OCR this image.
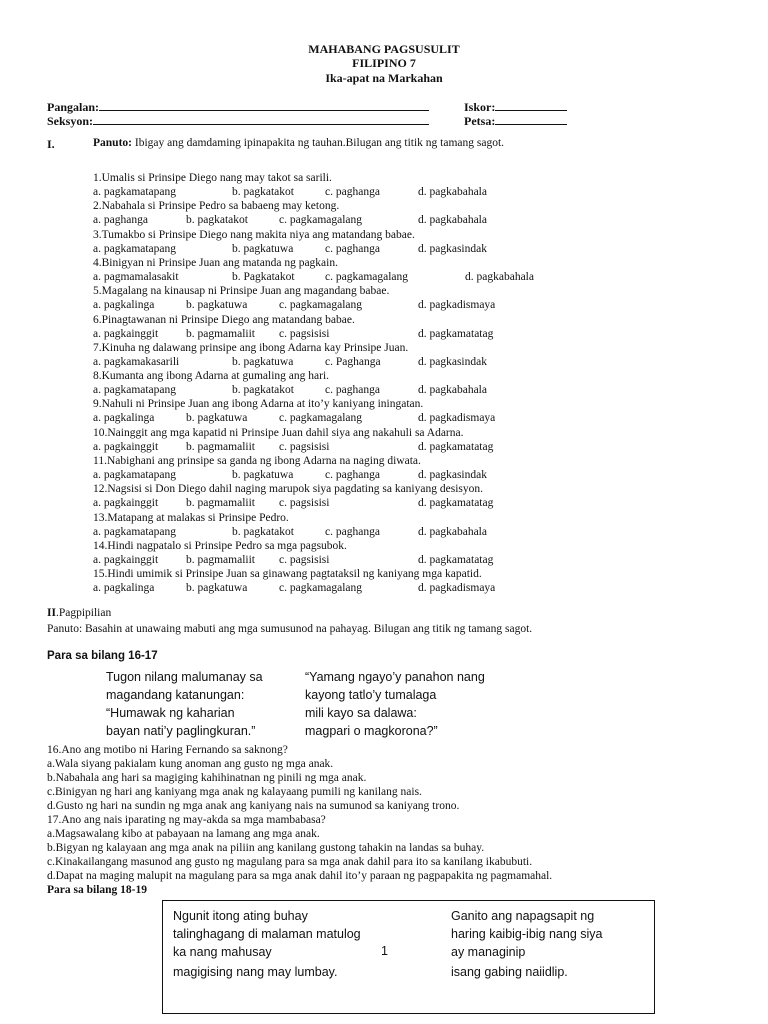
MAHABANG PAGSUSULIT
FILIPINO 7
Ika-apat na Markahan
Pangalan:
Seksyon:
Iskor:
Petsa:
I.	Panuto: Ibigay ang damdaming ipinapakita ng tauhan.Bilugan ang titik ng tamang sagot.
1.Umalis si Prinsipe Diego nang may takot sa sarili.
a. pagkamatapang	b. pagkatakot	c. paghanga	d. pagkabahala
2.Nabahala si Prinsipe Pedro sa babaeng may ketong.
a. paghanga	b. pagkatakot	c. pagkamagalang	d. pagkabahala
3.Tumakbo si Prinsipe Diego nang makita niya ang matandang babae.
a. pagkamatapang	b. pagkatuwa	c. paghanga	d. pagkasindak
4.Binigyan ni Prinsipe Juan ang matanda ng pagkain.
a. pagmamalasakit	b. Pagkatakot	c. pagkamagalang	d. pagkabahala
5.Magalang na kinausap ni Prinsipe Juan ang magandang babae.
a. pagkalinga	b. pagkatuwa	c. pagkamagalang	d. pagkadismaya
6.Pinagtawanan ni Prinsipe Diego ang matandang babae.
a. pagkainggit b. pagmamaliit c. pagsisisi	d. pagkamatatag
7.Kinuha ng dalawang prinsipe ang ibong Adarna kay Prinsipe Juan.
a. pagkamakasarili	b. pagkatuwa	c. Paghanga	d. pagkasindak
8.Kumanta ang ibong Adarna at gumaling ang hari.
a. pagkamatapang	b. pagkatakot	c. paghanga	d. pagkabahala
9.Nahuli ni Prinsipe Juan ang ibong Adarna at ito’y kaniyang iningatan.
a. pagkalinga	b. pagkatuwa	c. pagkamagalang	d. pagkadismaya
10.Nainggit ang mga kapatid ni Prinsipe Juan dahil siya ang nakahuli sa Adarna.
a. pagkainggit b. pagmamaliit c. pagsisisi	d. pagkamatatag
11.Nabighani ang prinsipe sa ganda ng ibong Adarna na naging diwata.
a. pagkamatapang	b. pagkatuwa	c. paghanga	d. pagkasindak
12.Nagsisi si Don Diego dahil naging marupok siya pagdating sa kaniyang desisyon.
a. pagkainggit b. pagmamaliit c. pagsisisi	d. pagkamatatag
13.Matapang at malakas si Prinsipe Pedro.
a. pagkamatapang	b. pagkatakot	c. paghanga	d. pagkabahala
14.Hindi nagpatalo si Prinsipe Pedro sa mga pagsubok.
a. pagkainggit b. pagmamaliit c. pagsisisi	d. pagkamatatag
15.Hindi umimik si Prinsipe Juan sa ginawang pagtataksil ng kaniyang mga kapatid.
a. pagkalinga	b. pagkatuwa	c. pagkamagalang	d. pagkadismaya
II.Pagpipilian
Panuto: Basahin at unawaing mabuti ang mga sumusunod na pahayag. Bilugan ang titik ng tamang sagot.
Para sa bilang 16-17
Tugon nilang malumanay sa
magandang katanungan:
“Humawak ng kaharian
bayan nati’y paglingkuran.”
“Yamang ngayo’y panahon nang
kayong tatlo’y tumalaga
mili kayo sa dalawa:
magpari o magkorona?”
16.Ano ang motibo ni Haring Fernando sa saknong?
a.Wala siyang pakialam kung anoman ang gusto ng mga anak.
b.Nabahala ang hari sa magiging kahihinatnan ng pinili ng mga anak.
c.Binigyan ng hari ang kaniyang mga anak ng kalayaang pumili ng kanilang nais.
d.Gusto ng hari na sundin ng mga anak ang kaniyang nais na sumunod sa kaniyang trono.
17.Ano ang nais iparating ng may-akda sa mga mambabasa?
a.Magsawalang kibo at pabayaan na lamang ang mga anak.
b.Bigyan ng kalayaan ang mga anak na piliin ang kanilang gustong tahakin na landas sa buhay.
c.Kinakailangang masunod ang gusto ng magulang para sa mga anak dahil para ito sa kanilang ikabubuti.
d.Dapat na maging malupit na magulang para sa mga anak dahil ito’y paraan ng pagpapakita ng pagmamahal.
Para sa bilang 18-19
Ngunit itong ating buhay
talinghagang di malaman matulog
ka nang mahusay
magigising nang may lumbay.
1
Ganito ang napagsapit ng
haring kaibig-ibig nang siya
ay managinip
isang gabing naiidlip.
